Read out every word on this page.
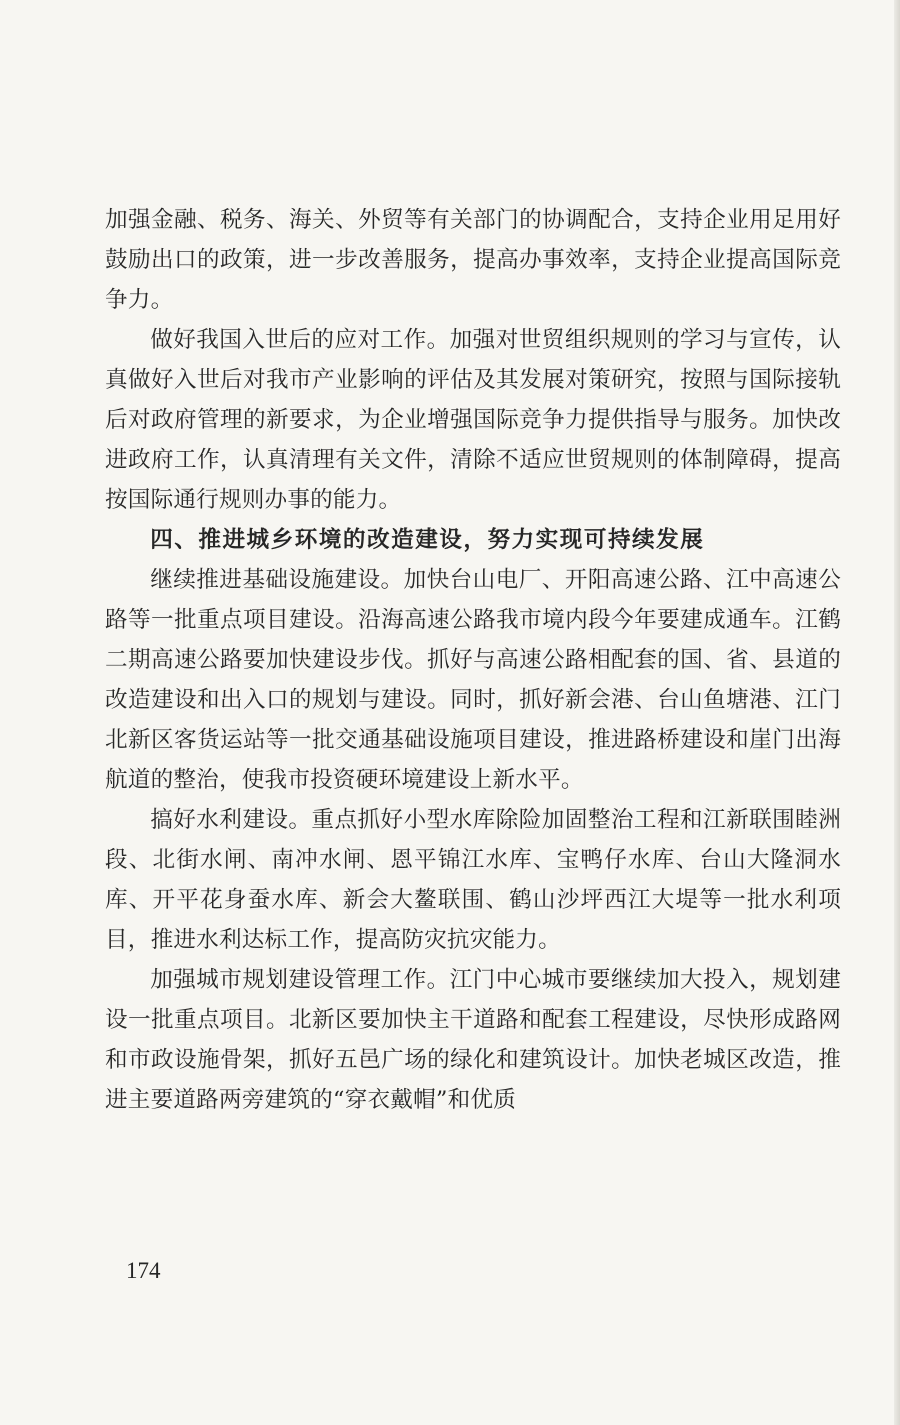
加强金融、税务、海关、外贸等有关部门的协调配合，支持企业用足用好鼓励出口的政策，进一步改善服务，提高办事效率，支持企业提高国际竞争力。

做好我国入世后的应对工作。加强对世贸组织规则的学习与宣传，认真做好入世后对我市产业影响的评估及其发展对策研究，按照与国际接轨后对政府管理的新要求，为企业增强国际竞争力提供指导与服务。加快改进政府工作，认真清理有关文件，清除不适应世贸规则的体制障碍，提高按国际通行规则办事的能力。

四、推进城乡环境的改造建设，努力实现可持续发展

继续推进基础设施建设。加快台山电厂、开阳高速公路、江中高速公路等一批重点项目建设。沿海高速公路我市境内段今年要建成通车。江鹤二期高速公路要加快建设步伐。抓好与高速公路相配套的国、省、县道的改造建设和出入口的规划与建设。同时，抓好新会港、台山鱼塘港、江门北新区客货运站等一批交通基础设施项目建设，推进路桥建设和崖门出海航道的整治，使我市投资硬环境建设上新水平。

搞好水利建设。重点抓好小型水库除险加固整治工程和江新联围睦洲段、北街水闸、南冲水闸、恩平锦江水库、宝鸭仔水库、台山大隆洞水库、开平花身蚕水库、新会大鳌联围、鹤山沙坪西江大堤等一批水利项目，推进水利达标工作，提高防灾抗灾能力。

加强城市规划建设管理工作。江门中心城市要继续加大投入，规划建设一批重点项目。北新区要加快主干道路和配套工程建设，尽快形成路网和市政设施骨架，抓好五邑广场的绿化和建筑设计。加快老城区改造，推进主要道路两旁建筑的“穿衣戴帽”和优质

174
